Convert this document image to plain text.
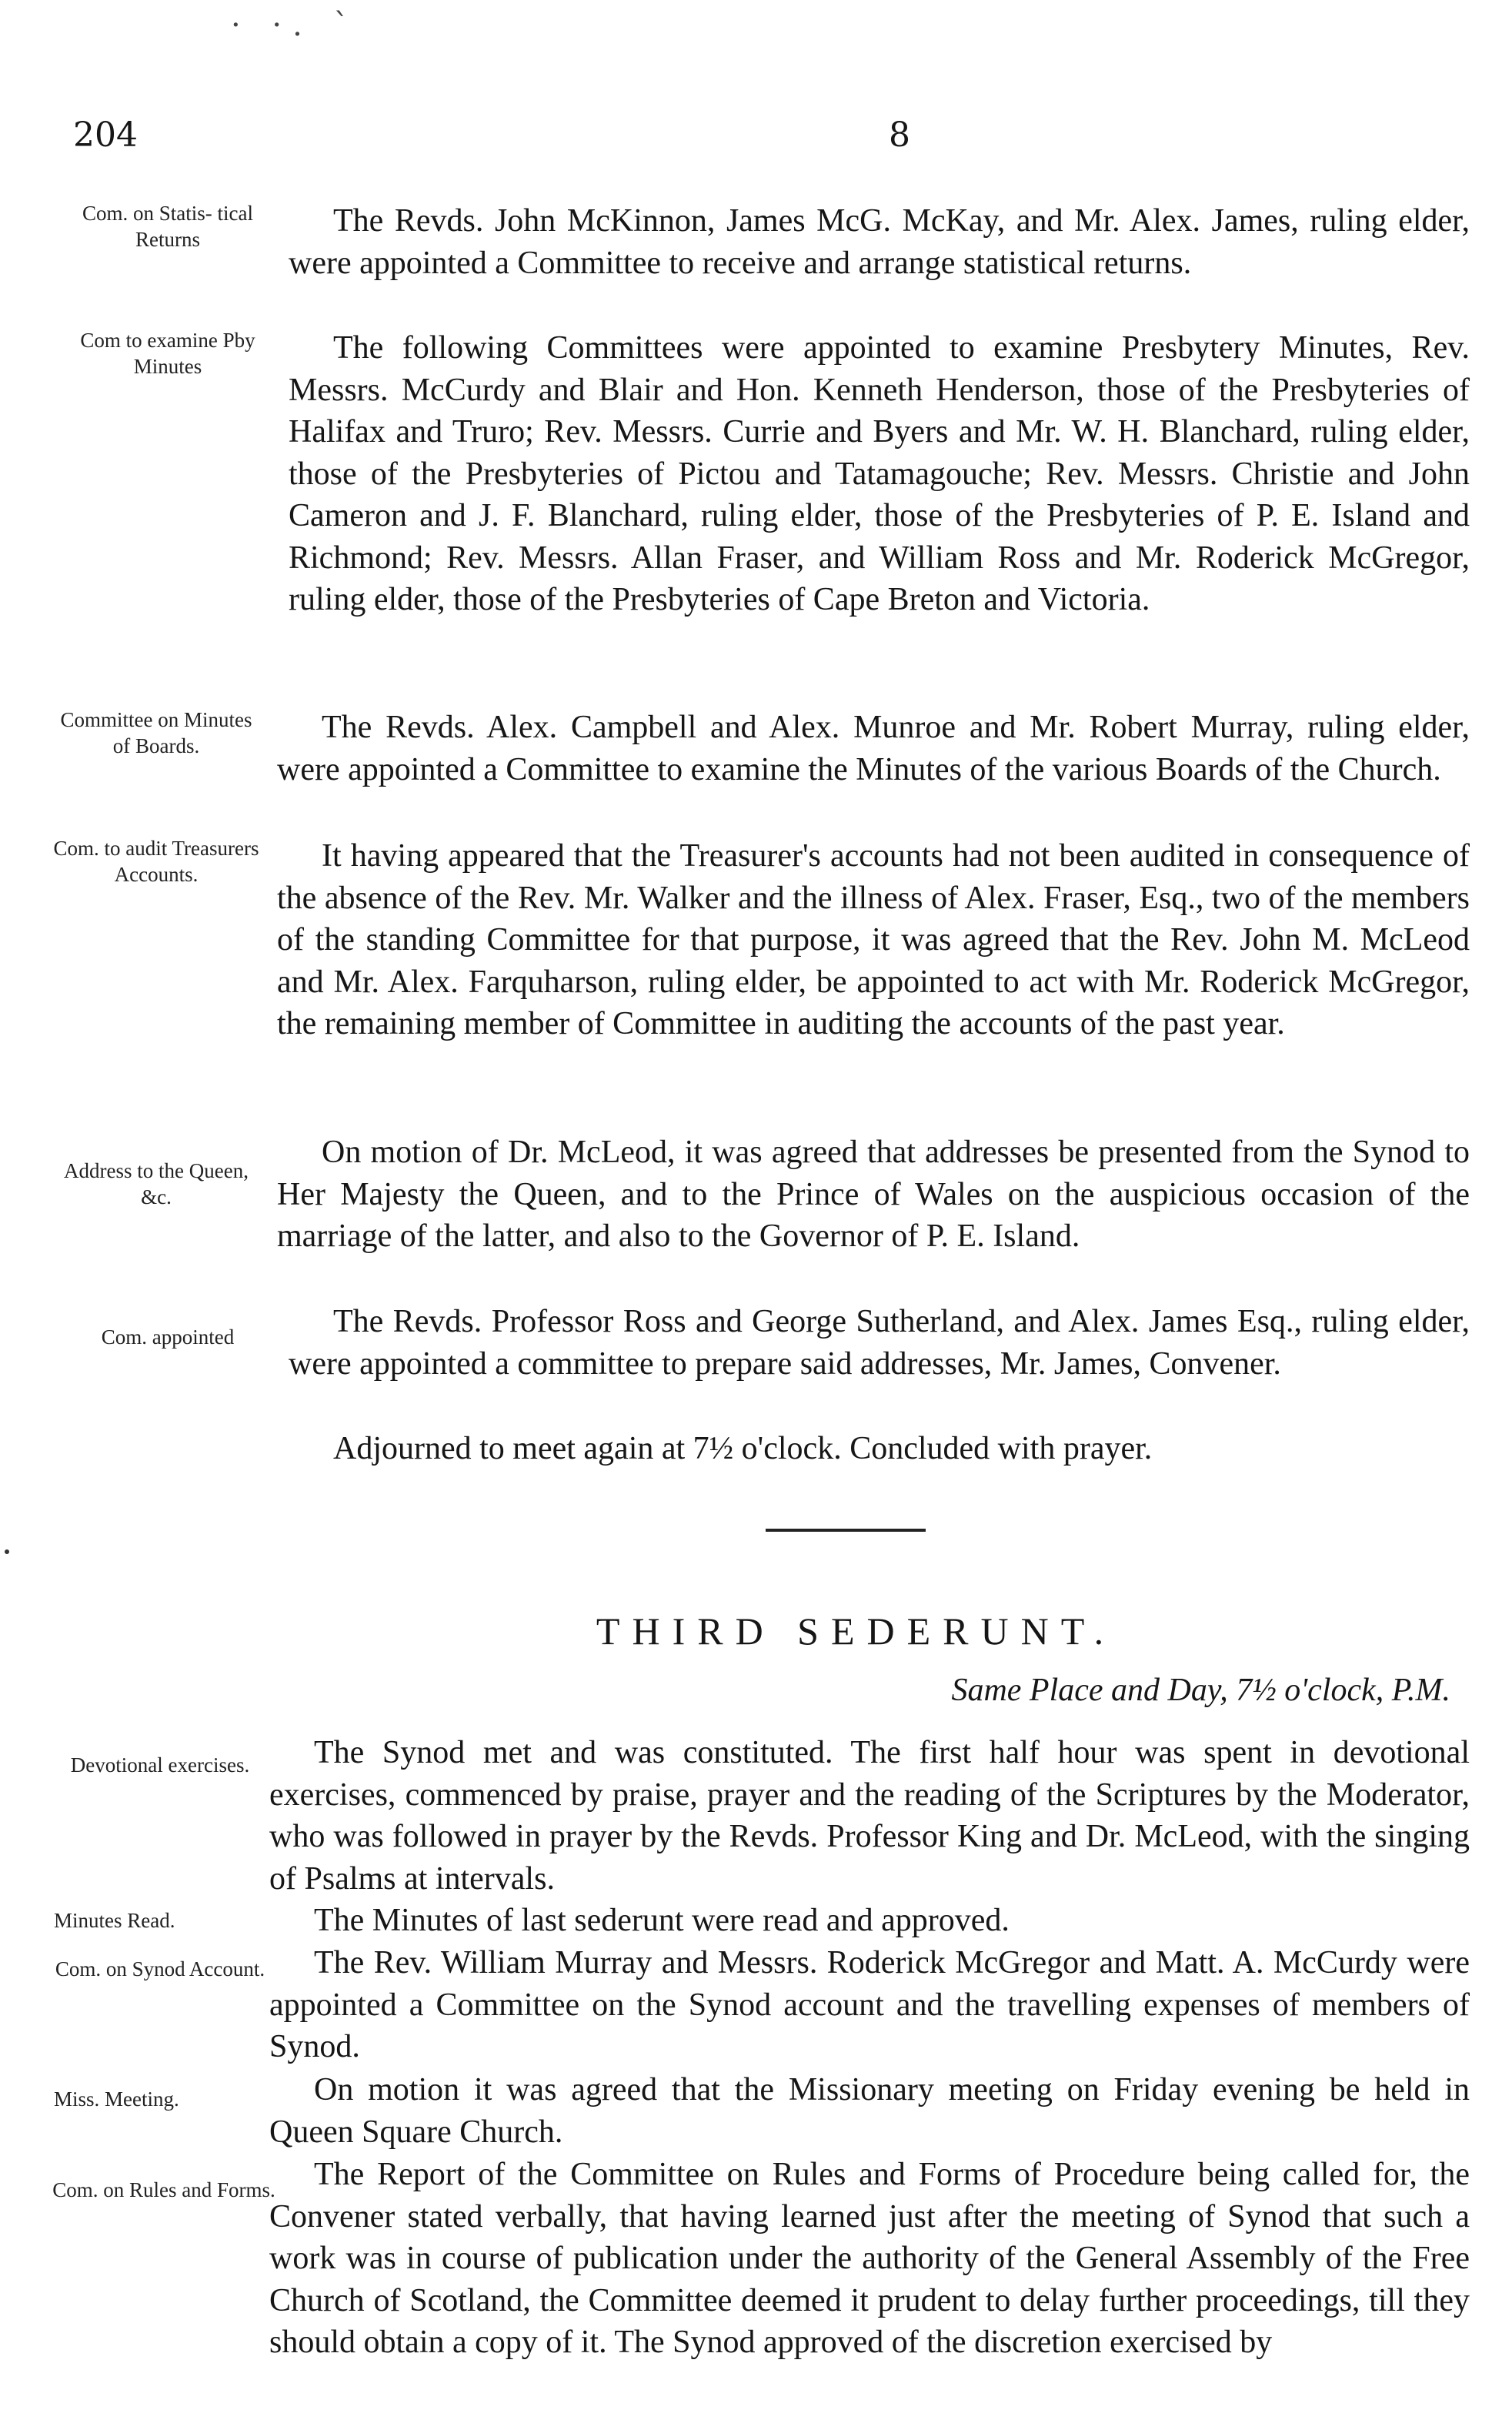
· ·. `
204	8
Com. on Statis- tical Returns
The Revds. John McKinnon, James McG. McKay, and Mr. Alex. James, ruling elder, were appointed a Committee to receive and arrange statistical returns.
Com to examine Pby Minutes
The following Committees were appointed to examine Presbytery Minutes, Rev. Messrs. McCurdy and Blair and Hon. Kenneth Henderson, those of the Presbyteries of Halifax and Truro; Rev. Messrs. Currie and Byers and Mr. W. H. Blanchard, ruling elder, those of the Presbyteries of Pictou and Tatamagouche; Rev. Messrs. Christie and John Cameron and J. F. Blanchard, ruling elder, those of the Presbyteries of P. E. Island and Richmond; Rev. Messrs. Allan Fraser, and William Ross and Mr. Roderick McGregor, ruling elder, those of the Presbyteries of Cape Breton and Victoria.
Committee on Minutes of Boards.
The Revds. Alex. Campbell and Alex. Munroe and Mr. Robert Murray, ruling elder, were appointed a Committee to examine the Minutes of the various Boards of the Church.
Com. to audit Treasurers Accounts.
It having appeared that the Treasurer's accounts had not been audited in consequence of the absence of the Rev. Mr. Walker and the illness of Alex. Fraser, Esq., two of the members of the standing Committee for that purpose, it was agreed that the Rev. John M. McLeod and Mr. Alex. Farquharson, ruling elder, be appointed to act with Mr. Roderick McGregor, the remaining member of Committee in auditing the accounts of the past year.
Address to the Queen, &c.
On motion of Dr. McLeod, it was agreed that addresses be presented from the Synod to Her Majesty the Queen, and to the Prince of Wales on the auspicious occasion of the marriage of the latter, and also to the Governor of P. E. Island.
Com. appointed	The Revds. Professor Ross and George Sutherland, and Alex. James Esq., ruling elder, were appointed a committee to prepare said addresses, Mr. James, Convener.
Adjourned to meet again at 7½ o'clock. Concluded with prayer.
THIRD SEDERUNT.
Same Place and Day, 7½ o'clock, P.M.
Devotional exercises.	The Synod met and was constituted. The first half hour was spent in devotional exercises, commenced by praise, prayer and the reading of the Scriptures by the Moderator, who was followed in prayer by the Revds. Professor King and Dr. McLeod, with the singing of Psalms at intervals.
Minutes Read.	The Minutes of last sederunt were read and approved.
Com. on Synod Account.	The Rev. William Murray and Messrs. Roderick McGregor and Matt. A. McCurdy were appointed a Committee on the Synod account and the travelling expenses of members of Synod.
Miss. Meeting.	On motion it was agreed that the Missionary meeting on Friday evening be held in Queen Square Church.
Com. on Rules and Forms.	The Report of the Committee on Rules and Forms of Procedure being called for, the Convener stated verbally, that having learned just after the meeting of Synod that such a work was in course of publication under the authority of the General Assembly of the Free Church of Scotland, the Committee deemed it prudent to delay further proceedings, till they should obtain a copy of it. The Synod approved of the discretion exercised by
